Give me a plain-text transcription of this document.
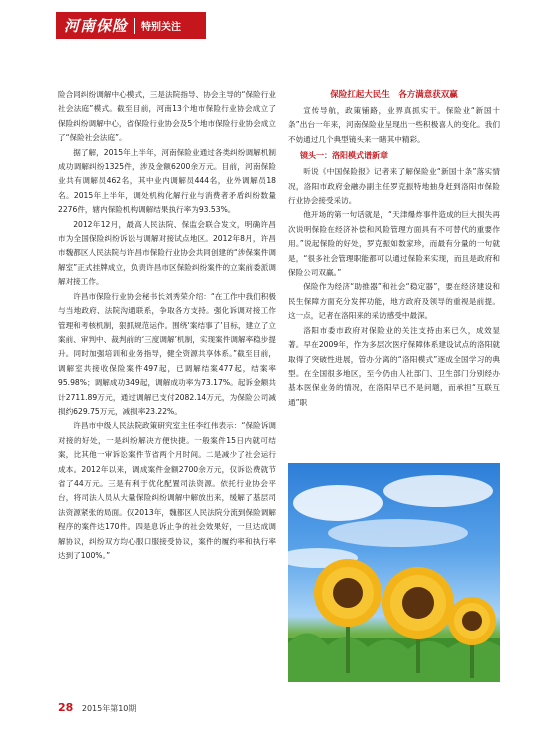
河南保险 特别关注

险合同纠纷调解中心模式，三是法院指导、协会主导的“保险行业社会法庭”模式。截至目前，河南13个地市保险行业协会成立了保险纠纷调解中心，省保险行业协会及5个地市保险行业协会成立了“保险社会法庭”。

据了解，2015年上半年，河南保险业通过各类纠纷调解机制成功调解纠纷1325件，涉及金额6200余万元。目前，河南保险业共有调解员462名，其中业内调解员444名，业外调解员18名。2015年上半年，调处机构化解行业与消费者矛盾纠纷数量2276件，辖内保险机构调解结果执行率为93.53%。

2012年12月，最高人民法院、保监会联合发文，明确许昌市为全国保险纠纷诉讼与调解对接试点地区。2012年8月，许昌市魏都区人民法院与许昌市保险行业协会共同创建的“涉保案件调解室”正式挂牌成立，负责许昌市区保险纠纷案件的立案前委派调解对接工作。

许昌市保险行业协会秘书长刘秀荣介绍：“在工作中我们积极与当地政府、法院沟通联系，争取各方支持。强化诉调对接工作管理和考核机制，狠抓规范运作。围绕‘案结事了’目标，建立了立案前、审判中、裁判前的‘三度调解’机制，实现案件调解率稳步提升。同时加强培训和业务指导，健全资源共享体系。”截至目前，调解室共接收保险案件497起，已调解结案477起，结案率95.98%；调解成功349起，调解成功率为73.17%。起诉金额共计2711.89万元，通过调解已支付2082.14万元，为保险公司减损约629.75万元，减损率23.22%。

许昌市中级人民法院政策研究室主任李红伟表示：“保险诉调对接的好处，一是纠纷解决方便快捷。一般案件15日内就可结案，比其他一审诉讼案件节省两个月时间。二是减少了社会运行成本。2012年以来，调成案件金额2700余万元，仅诉讼费就节省了44万元。三是有利于优化配置司法资源。依托行业协会平台，将司法人员从大量保险纠纷调解中解放出来，缓解了基层司法资源紧张的局面。仅2013年，魏都区人民法院分流到保险调解程序的案件达170件。四是息诉止争的社会效果好，一旦达成调解协议，纠纷双方均心服口服接受协议，案件的履约率和执行率达到了100%。”

保险扛起大民生　各方满意获双赢

宣传导航，政策铺路，业界真抓实干。保险业“新国十条”出台一年来，河南保险业呈现出一些积极喜人的变化。我们不妨通过几个典型镜头来一睹其中精彩。

镜头一：洛阳模式谱新章

听说《中国保险报》记者来了解保险业“新国十条”落实情况，洛阳市政府金融办副主任罗克振特地抽身赶到洛阳市保险行业协会接受采访。

他开场的第一句话就是，“天津爆炸事件造成的巨大损失再次说明保险在经济补偿和风险管理方面具有不可替代的重要作用。”说起保险的好处，罗克振如数家珍，而最有分量的一句就是，“很多社会管理职能都可以通过保险来实现，而且是政府和保险公司双赢。”

保险作为经济“助推器”和社会“稳定器”，要在经济建设和民生保障方面充分发挥功能，地方政府及领导的重视是前提。这一点，记者在洛阳来的采访感受中最深。

洛阳市委市政府对保险业的关注支持由来已久，成效显著。早在2009年，作为多层次医疗保障体系建设试点的洛阳就取得了突破性进展，管办分离的“洛阳模式”逐成全国学习的典型。在全国很多地区，至今仍由人社部门、卫生部门分别经办基本医保业务的情况，在洛阳早已不是问题，而承担“互联互通”职

28 2015年第10期
